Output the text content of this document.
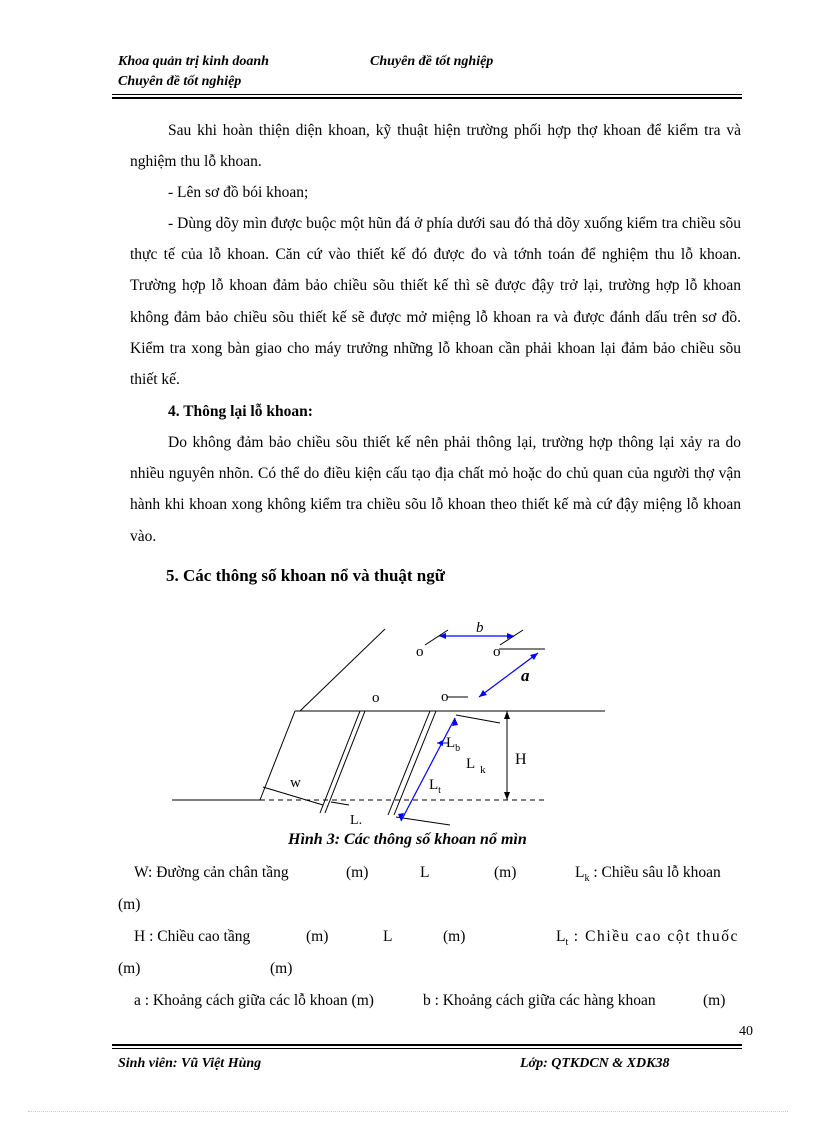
Khoa quản trị kinh doanh	Chuyên đề tốt nghiệp
Chuyên đề tốt nghiệp

Sau khi hoàn thiện diện khoan, kỹ thuật hiện trường phối hợp thợ khoan để kiểm tra và nghiệm thu lỗ khoan.

- Lên sơ đồ bói khoan;

- Dùng dõy mìn được buộc một hũn đá ở phía dưới sau đó thả dõy xuống kiểm tra chiều sõu thực tế của lỗ khoan. Căn cứ vào thiết kế đó được đo và tớnh toán để nghiệm thu lỗ khoan. Trường hợp lỗ khoan đảm bảo chiều sõu thiết kế thì sẽ được đậy trở lại, trường hợp lỗ khoan không đảm bảo chiều sõu thiết kế sẽ được mở miệng lỗ khoan ra và được đánh dấu trên sơ đồ. Kiểm tra xong bàn giao cho máy trưởng những lỗ khoan cần phải khoan lại đảm bảo chiều sõu thiết kế.

4. Thông lại lỗ khoan:

Do không đảm bảo chiều sõu thiết kế nên phải thông lại, trường hợp thông lại xảy ra do nhiều nguyên nhõn. Có thể do điều kiện cấu tạo địa chất mỏ hoặc do chủ quan của người thợ vận hành khi khoan xong không kiểm tra chiều sõu lỗ khoan theo thiết kế mà cứ đậy miệng lỗ khoan vào.

5. Các thông số khoan nổ và thuật ngữ
w
L.
L $_k$
$L_b$
$L_t$
H
o	o
o	o
b
a
Hình 3: Các thông số khoan nổ mìn
W: Đường cản chân tầng	(m)	L	(m)	$L_k$ : Chiều sâu lỗ khoan
(m)
H : Chiều cao tầng	(m)	L	(m)	$L_t$ : Chiều cao cột thuốc
(m)	(m)
a : Khoảng cách giữa các lỗ khoan (m)	b : Khoảng cách giữa các hàng khoan	(m)
40
Sinh viên: Vũ Việt Hùng	Lớp: QTKDCN & XDK38
